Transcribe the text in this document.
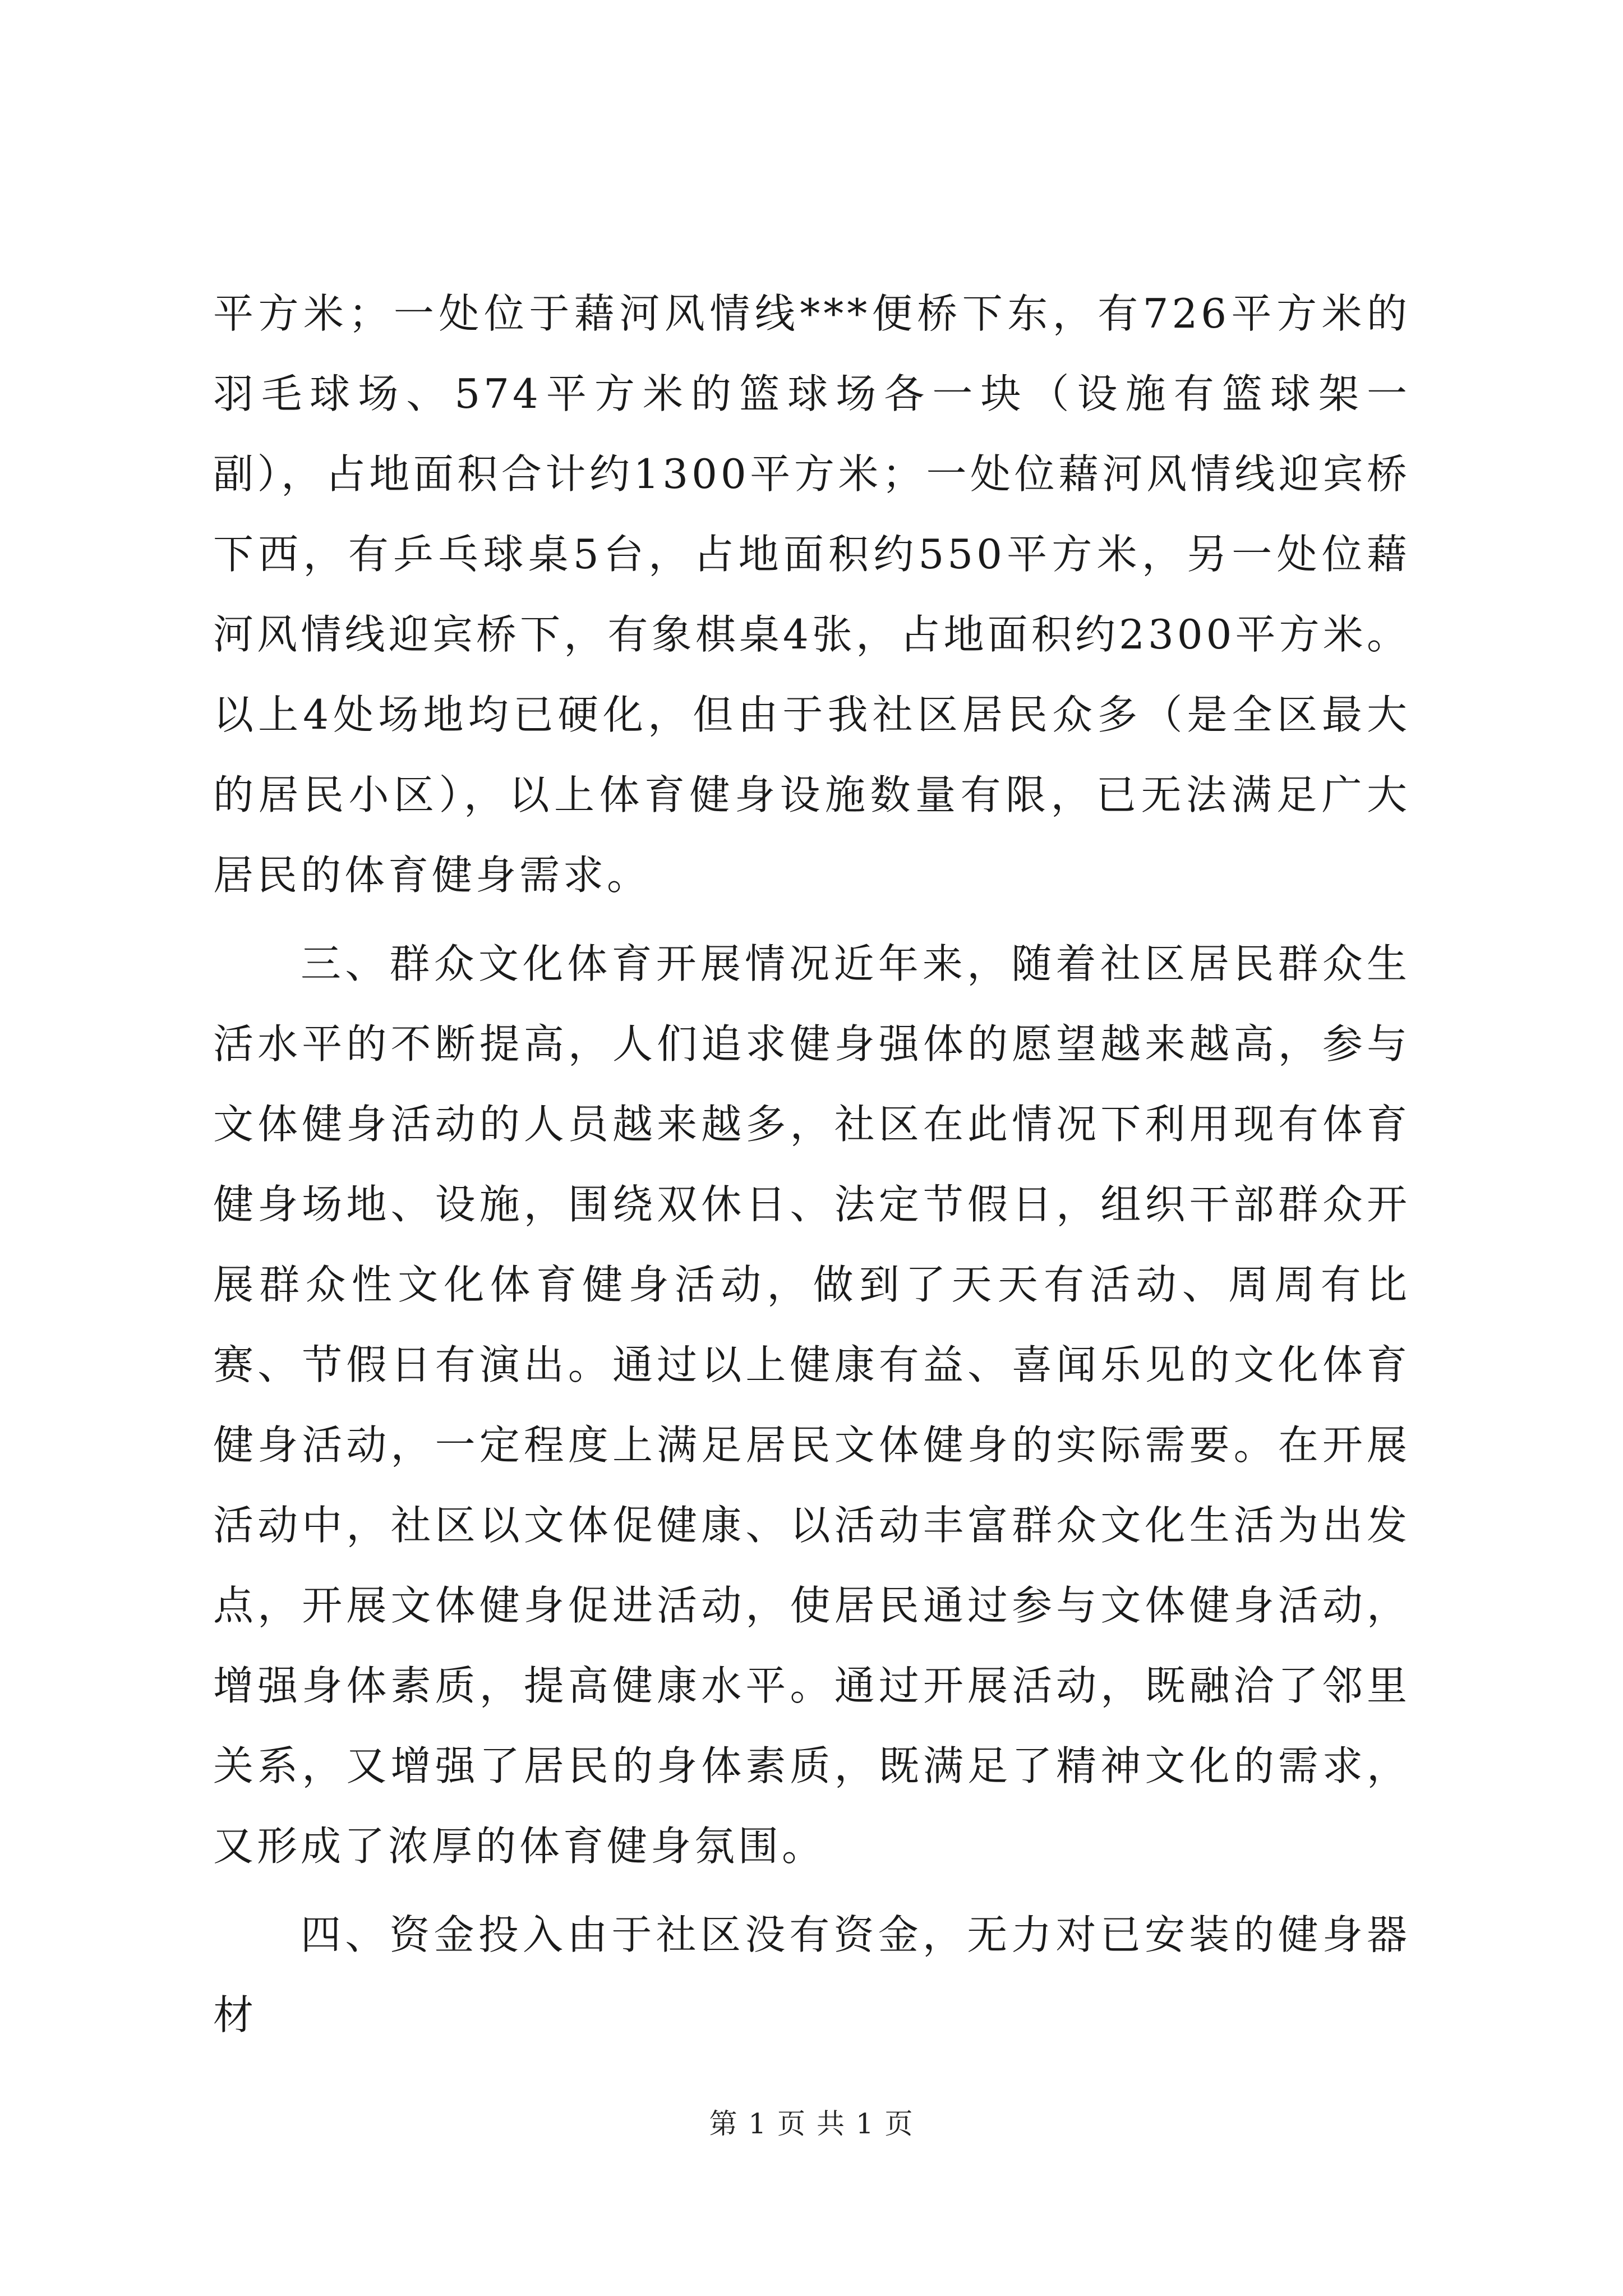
平方米；一处位于藉河风情线***便桥下东，有726平方米的羽毛球场、574平方米的篮球场各一块（设施有篮球架一副），占地面积合计约1300平方米；一处位藉河风情线迎宾桥下西，有乒乓球桌5台，占地面积约550平方米，另一处位藉河风情线迎宾桥下，有象棋桌4张，占地面积约2300平方米。以上4处场地均已硬化，但由于我社区居民众多（是全区最大的居民小区），以上体育健身设施数量有限，已无法满足广大居民的体育健身需求。

三、群众文化体育开展情况近年来，随着社区居民群众生活水平的不断提高，人们追求健身强体的愿望越来越高，参与文体健身活动的人员越来越多，社区在此情况下利用现有体育健身场地、设施，围绕双休日、法定节假日，组织干部群众开展群众性文化体育健身活动，做到了天天有活动、周周有比赛、节假日有演出。通过以上健康有益、喜闻乐见的文化体育健身活动，一定程度上满足居民文体健身的实际需要。在开展活动中，社区以文体促健康、以活动丰富群众文化生活为出发点，开展文体健身促进活动，使居民通过参与文体健身活动，增强身体素质，提高健康水平。通过开展活动，既融洽了邻里关系，又增强了居民的身体素质，既满足了精神文化的需求，又形成了浓厚的体育健身氛围。

四、资金投入由于社区没有资金，无力对已安装的健身器材

第 1 页 共 1 页
